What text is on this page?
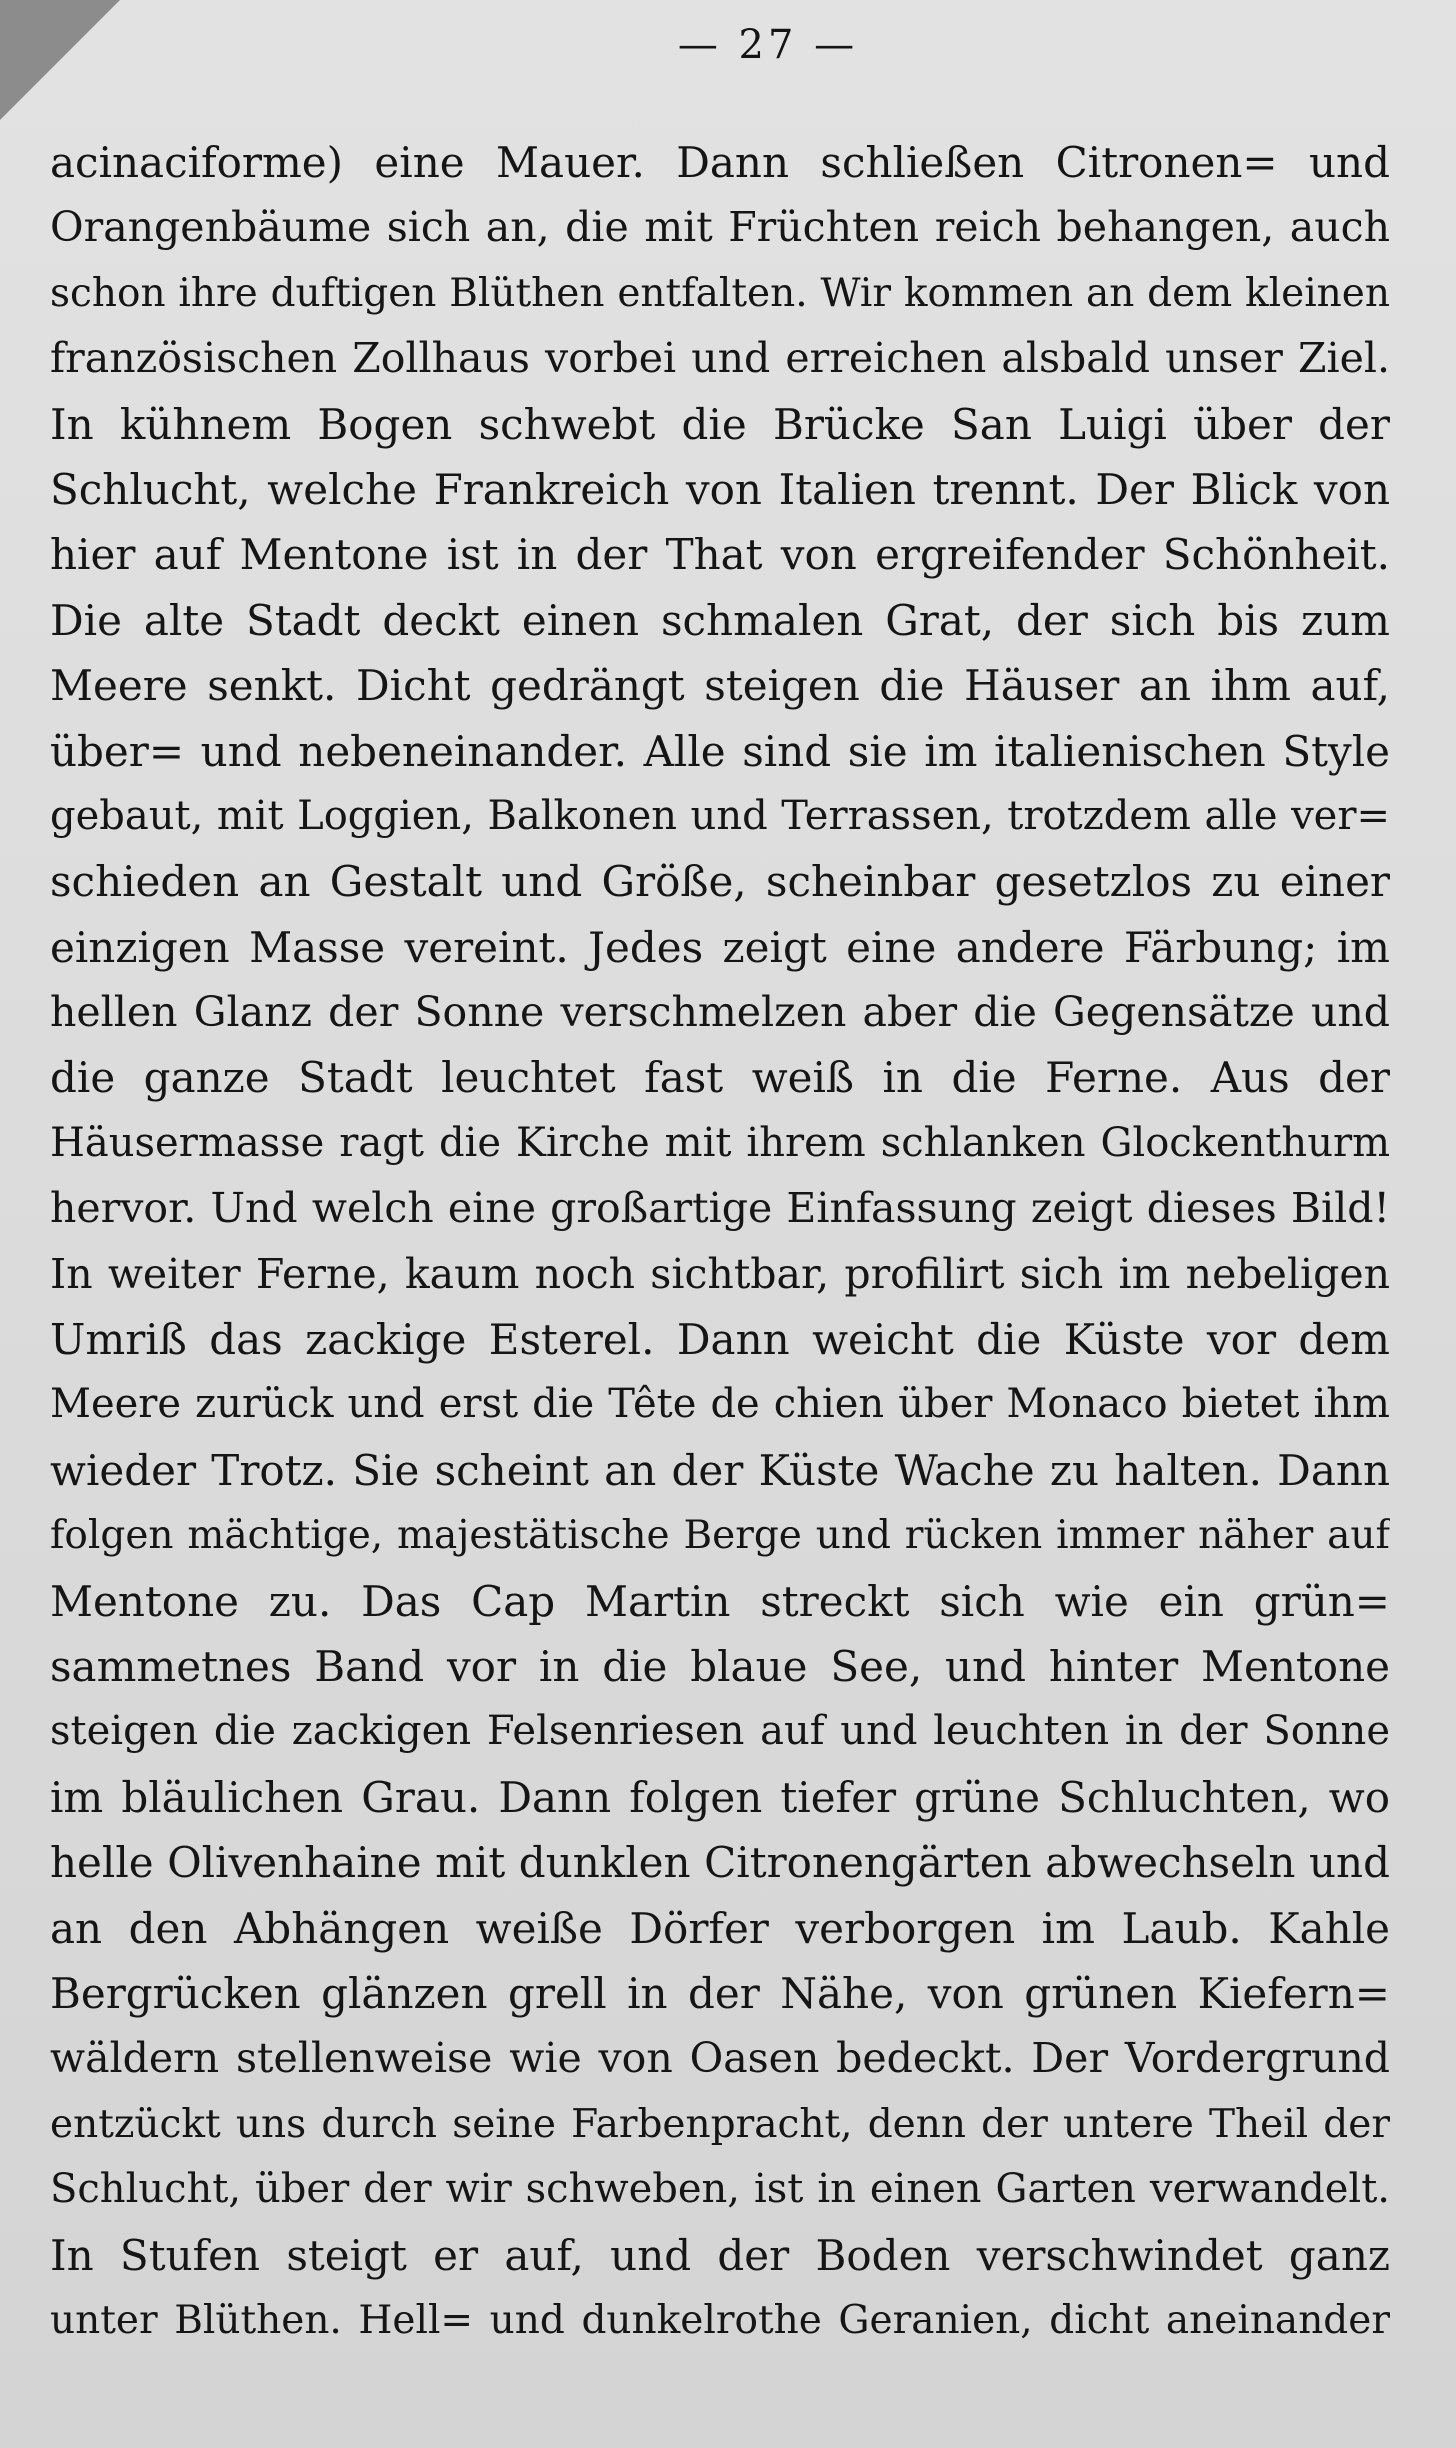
— 27 —

acinaciforme) eine Mauer. Dann schließen Citronen= und

Orangenbäume sich an, die mit Früchten reich behangen, auch

schon ihre duftigen Blüthen entfalten. Wir kommen an dem kleinen

französischen Zollhaus vorbei und erreichen alsbald unser Ziel.

In kühnem Bogen schwebt die Brücke San Luigi über der

Schlucht, welche Frankreich von Italien trennt. Der Blick von

hier auf Mentone ist in der That von ergreifender Schönheit.

Die alte Stadt deckt einen schmalen Grat, der sich bis zum

Meere senkt. Dicht gedrängt steigen die Häuser an ihm auf,

über= und nebeneinander. Alle sind sie im italienischen Style

gebaut, mit Loggien, Balkonen und Terrassen, trotzdem alle ver=

schieden an Gestalt und Größe, scheinbar gesetzlos zu einer

einzigen Masse vereint. Jedes zeigt eine andere Färbung; im

hellen Glanz der Sonne verschmelzen aber die Gegensätze und

die ganze Stadt leuchtet fast weiß in die Ferne. Aus der

Häusermasse ragt die Kirche mit ihrem schlanken Glockenthurm

hervor. Und welch eine großartige Einfassung zeigt dieses Bild!

In weiter Ferne, kaum noch sichtbar, profilirt sich im nebeligen

Umriß das zackige Esterel. Dann weicht die Küste vor dem

Meere zurück und erst die Tête de chien über Monaco bietet ihm

wieder Trotz. Sie scheint an der Küste Wache zu halten. Dann

folgen mächtige, majestätische Berge und rücken immer näher auf

Mentone zu. Das Cap Martin streckt sich wie ein grün=

sammetnes Band vor in die blaue See, und hinter Mentone

steigen die zackigen Felsenriesen auf und leuchten in der Sonne

im bläulichen Grau. Dann folgen tiefer grüne Schluchten, wo

helle Olivenhaine mit dunklen Citronengärten abwechseln und

an den Abhängen weiße Dörfer verborgen im Laub. Kahle

Bergrücken glänzen grell in der Nähe, von grünen Kiefern=

wäldern stellenweise wie von Oasen bedeckt. Der Vordergrund

entzückt uns durch seine Farbenpracht, denn der untere Theil der

Schlucht, über der wir schweben, ist in einen Garten verwandelt.

In Stufen steigt er auf, und der Boden verschwindet ganz

unter Blüthen. Hell= und dunkelrothe Geranien, dicht aneinander
